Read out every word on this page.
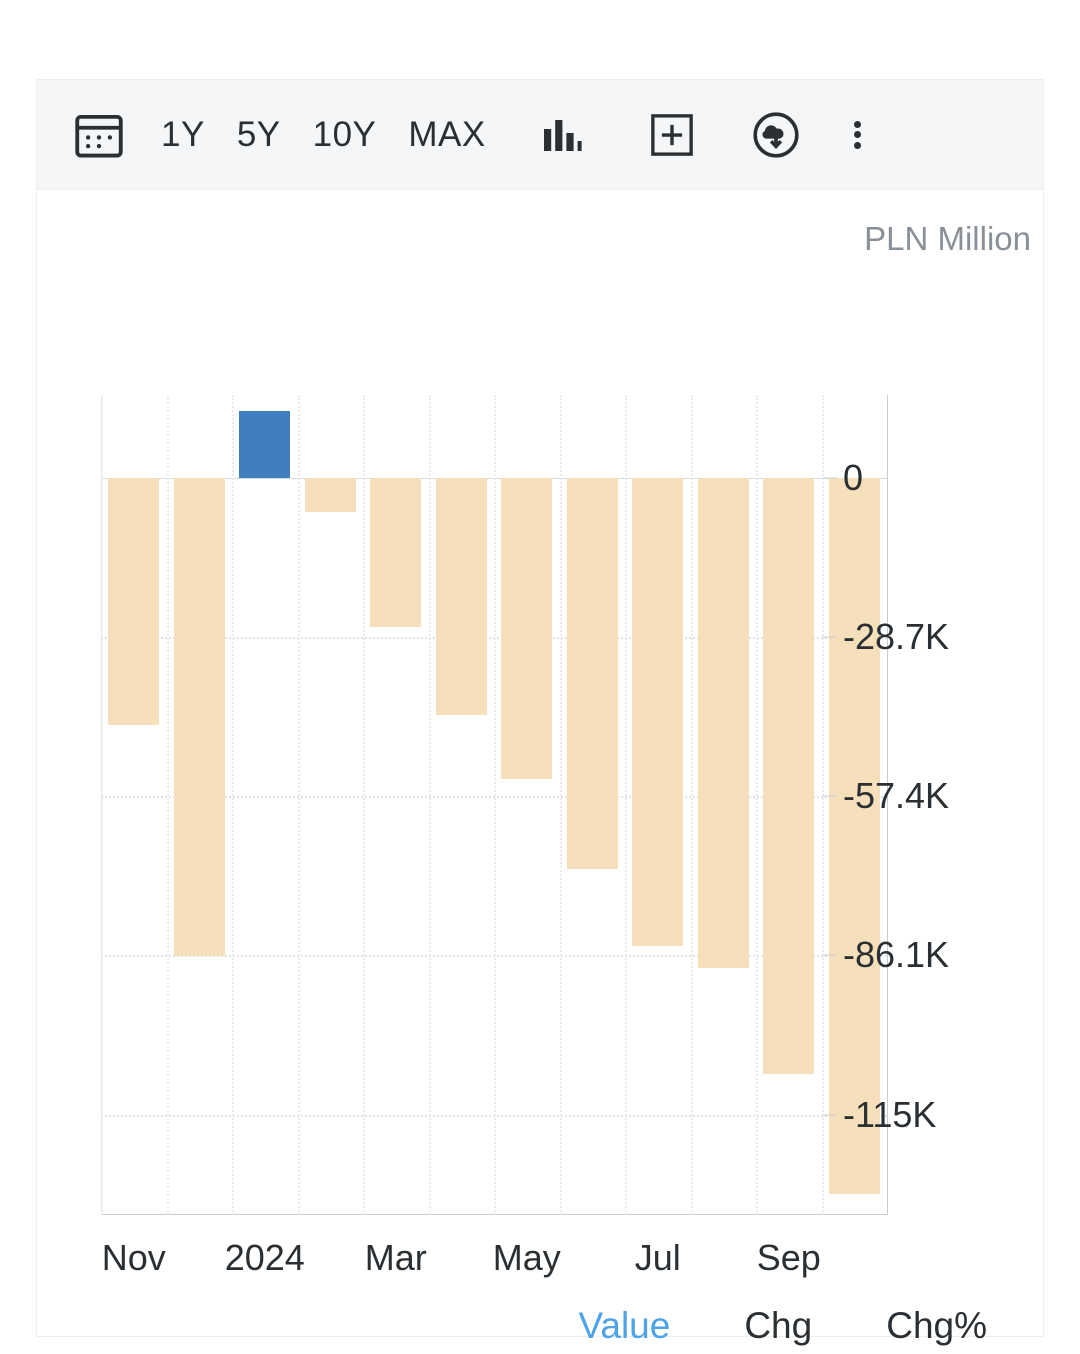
1Y 5Y 10Y MAX
PLN Million
Value Chg Chg%
0
-28.7K
-57.4K
-86.1K
-115K
Nov 2024 Mar May Jul Sep
